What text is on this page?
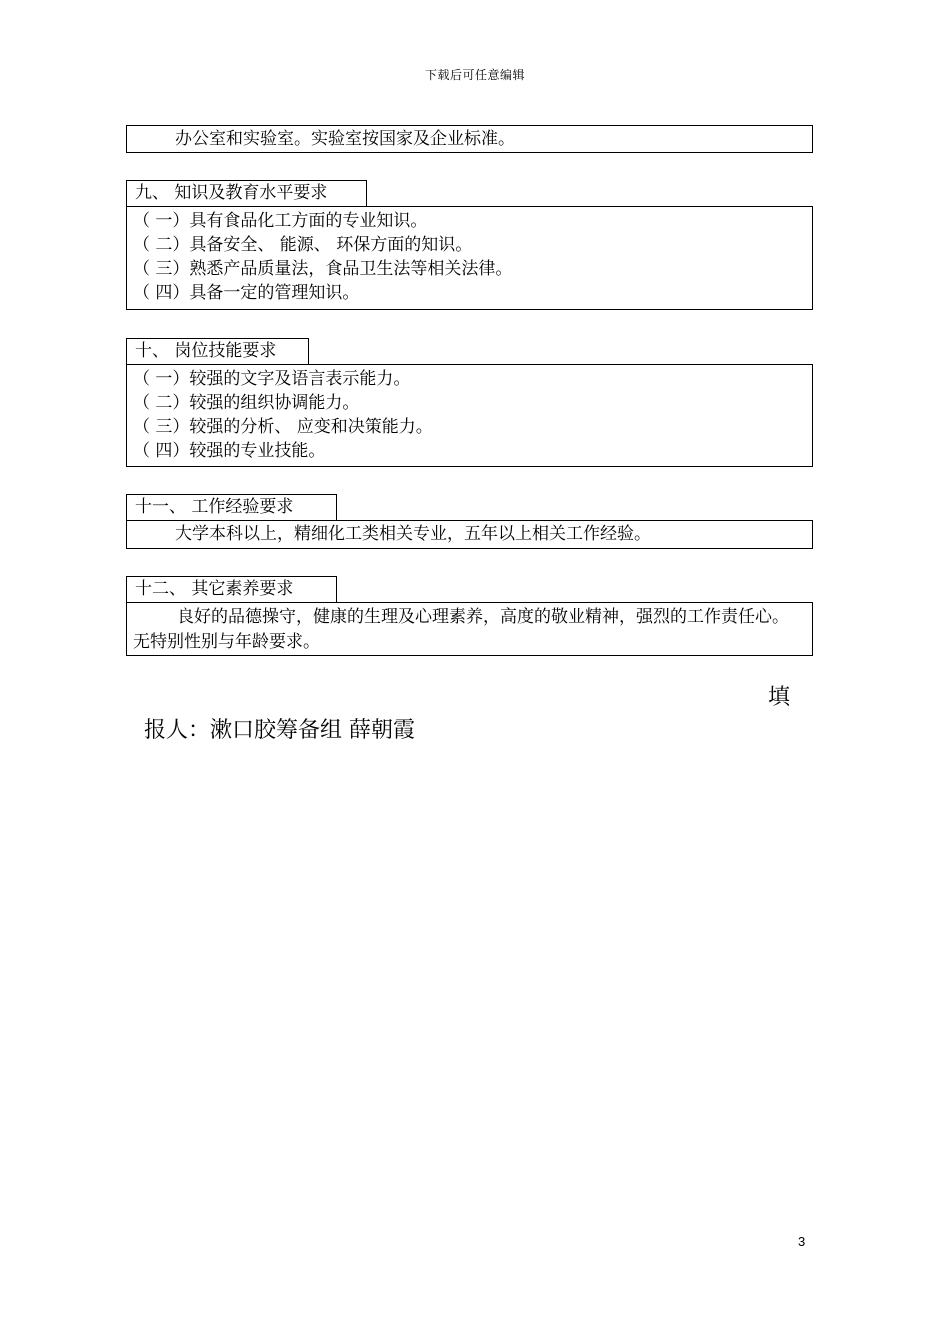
下载后可任意编辑
办公室和实验室。实验室按国家及企业标准。
九、 知识及教育水平要求
（ 一）具有食品化工方面的专业知识。
（ 二）具备安全、 能源、 环保方面的知识。
（ 三）熟悉产品质量法，食品卫生法等相关法律。
（ 四）具备一定的管理知识。
十、 岗位技能要求
（ 一）较强的文字及语言表示能力。
（ 二）较强的组织协调能力。
（ 三）较强的分析、 应变和决策能力。
（ 四）较强的专业技能。
十一、 工作经验要求
大学本科以上，精细化工类相关专业，五年以上相关工作经验。
十二、 其它素养要求
良好的品德操守，健康的生理及心理素养，高度的敬业精神，强烈的工作责任心。无特别性别与年龄要求。
填
报人：漱口胶筹备组 薛朝霞
3
